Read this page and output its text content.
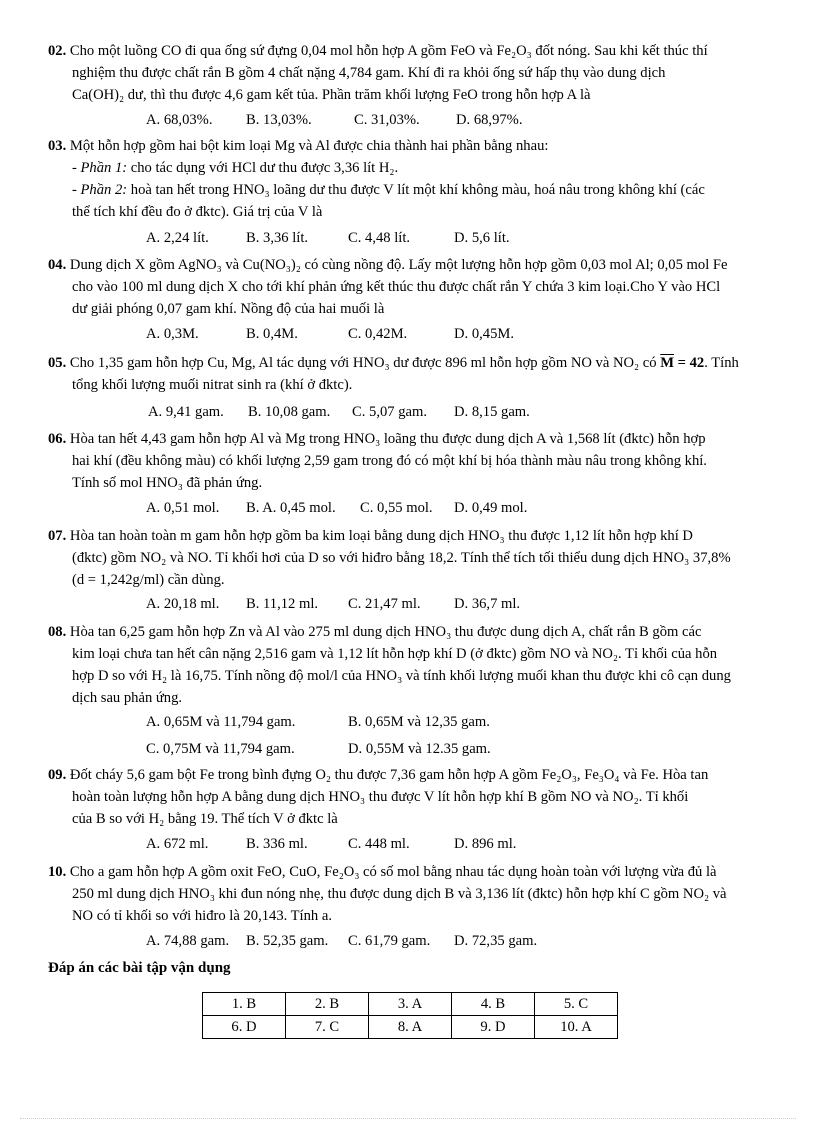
02. Cho một luồng CO đi qua ống sứ đựng 0,04 mol hỗn hợp A gồm FeO và Fe₂O₃ đốt nóng. Sau khi kết thúc thí
nghiệm thu được chất rắn B gồm 4 chất nặng 4,784 gam. Khí đi ra khỏi ống sứ hấp thụ vào dung dịch
Ca(OH)₂ dư, thì thu được 4,6 gam kết tủa. Phần trăm khối lượng FeO trong hỗn hợp A là
A. 68,03%. B. 13,03%.	C. 31,03%. D. 68,97%.
03. Một hỗn hợp gồm hai bột kim loại Mg và Al được chia thành hai phần bằng nhau:
- Phần 1: cho tác dụng với HCl dư thu được 3,36 lít H₂.
- Phần 2: hoà tan hết trong HNO₃ loãng dư thu được V lít một khí không màu, hoá nâu trong không khí (các
thể tích khí đều đo ở đktc). Giá trị của V là
A. 2,24 lít.	B. 3,36 lít.	C. 4,48 lít.	D. 5,6 lít.
04. Dung dịch X gồm AgNO₃ và Cu(NO₃)₂ có cùng nồng độ. Lấy một lượng hỗn hợp gồm 0,03 mol Al; 0,05 mol Fe
cho vào 100 ml dung dịch X cho tới khí phản ứng kết thúc thu được chất rắn Y chứa 3 kim loại.Cho Y vào HCl
dư giải phóng 0,07 gam khí. Nồng độ của hai muối là
A. 0,3M.	B. 0,4M.	C. 0,42M.	D. 0,45M.
05. Cho 1,35 gam hỗn hợp Cu, Mg, Al tác dụng với HNO₃ dư được 896 ml hỗn hợp gồm NO và NO₂ có $\overline{M} = 42$. Tính
tổng khối lượng muối nitrat sinh ra (khí ở đktc).
A. 9,41 gam. B. 10,08 gam. C. 5,07 gam. D. 8,15 gam.
06. Hòa tan hết 4,43 gam hỗn hợp Al và Mg trong HNO₃ loãng thu được dung dịch A và 1,568 lít (đktc) hỗn hợp
hai khí (đều không màu) có khối lượng 2,59 gam trong đó có một khí bị hóa thành màu nâu trong không khí.
Tính số mol HNO₃ đã phản ứng.
A. 0,51 mol. B. A. 0,45 mol. C. 0,55 mol. D. 0,49 mol.
07. Hòa tan hoàn toàn m gam hỗn hợp gồm ba kim loại bằng dung dịch HNO₃ thu được 1,12 lít hỗn hợp khí D
(đktc) gồm NO₂ và NO. Tỉ khối hơi của D so với hiđro bằng 18,2. Tính thể tích tối thiểu dung dịch HNO₃ 37,8%
(d = 1,242g/ml) cần dùng.
A. 20,18 ml. B. 11,12 ml. C. 21,47 ml. D. 36,7 ml.
08. Hòa tan 6,25 gam hỗn hợp Zn và Al vào 275 ml dung dịch HNO₃ thu được dung dịch A, chất rắn B gồm các
kim loại chưa tan hết cân nặng 2,516 gam và 1,12 lít hỗn hợp khí D (ở đktc) gồm NO và NO₂. Tỉ khối của hỗn
hợp D so với H₂ là 16,75. Tính nồng độ mol/l của HNO₃ và tính khối lượng muối khan thu được khi cô cạn dung
dịch sau phản ứng.
A. 0,65M và 11,794 gam.	B. 0,65M và 12,35 gam.
C. 0,75M và 11,794 gam.	D. 0,55M và 12.35 gam.
09. Đốt cháy 5,6 gam bột Fe trong bình đựng O₂ thu được 7,36 gam hỗn hợp A gồm Fe₂O₃, Fe₃O₄ và Fe. Hòa tan
hoàn toàn lượng hỗn hợp A bằng dung dịch HNO₃ thu được V lít hỗn hợp khí B gồm NO và NO₂. Tỉ khối
của B so với H₂ bằng 19. Thể tích V ở đktc là
A. 672 ml.	B. 336 ml.	C. 448 ml.	D. 896 ml.
10. Cho a gam hỗn hợp A gồm oxit FeO, CuO, Fe₂O₃ có số mol bằng nhau tác dụng hoàn toàn với lượng vừa đủ là
250 ml dung dịch HNO₃ khi đun nóng nhẹ, thu được dung dịch B và 3,136 lít (đktc) hỗn hợp khí C gồm NO₂ và
NO có tỉ khối so với hiđro là 20,143. Tính a.
A. 74,88 gam. B. 52,35 gam. C. 61,79 gam. D. 72,35 gam.
Đáp án các bài tập vận dụng
1. B	2. B	3. A	4. B	5. C
6. D	7. C	8. A	9. D	10. A
